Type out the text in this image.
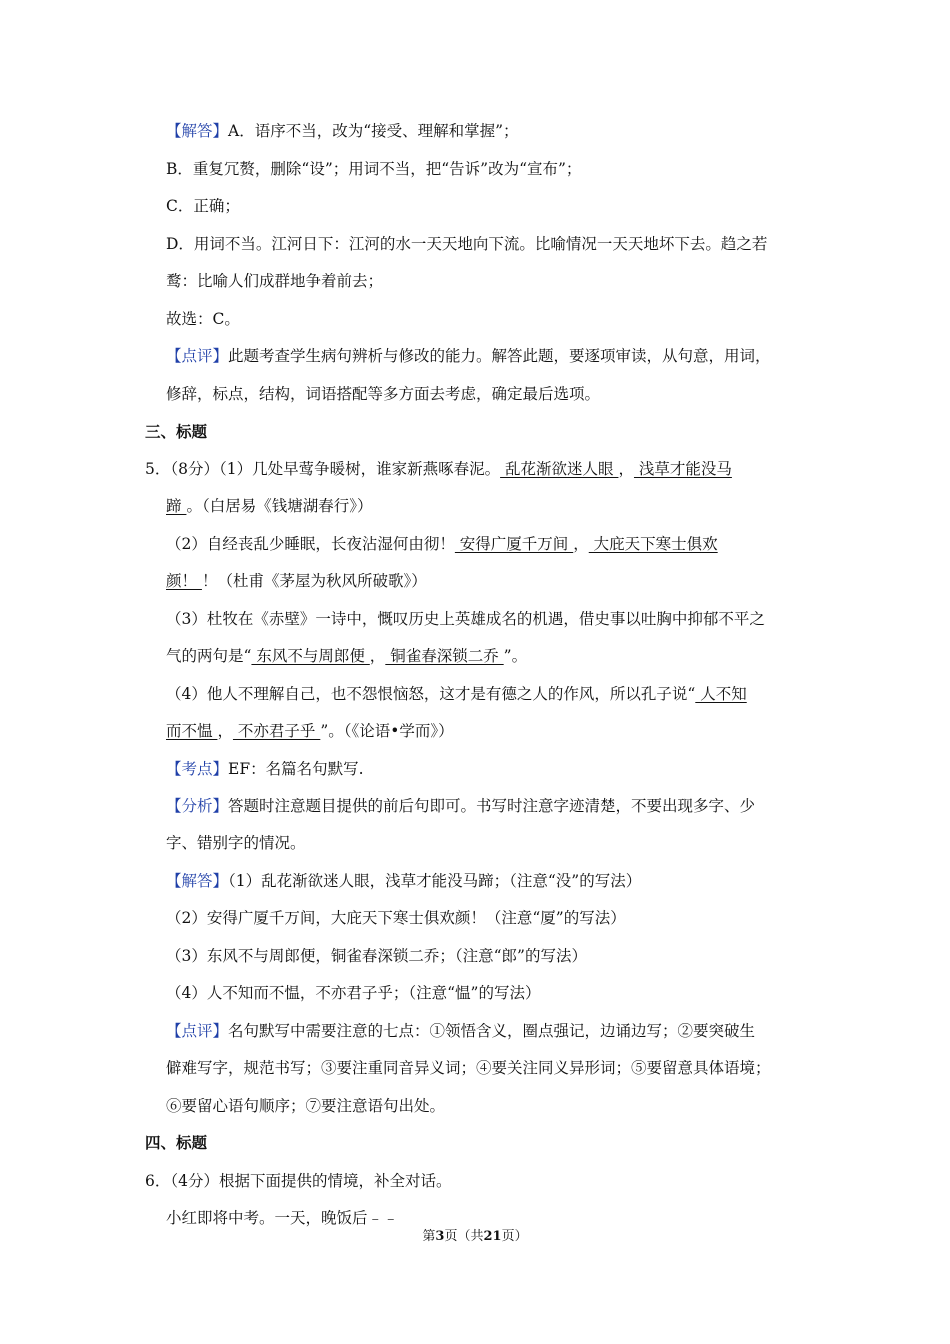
【解答】A．语序不当，改为“接受、理解和掌握”；
B．重复冗赘，删除“设”；用词不当，把“告诉”改为“宣布”；
C．正确；
D．用词不当。江河日下：江河的水一天天地向下流。比喻情况一天天地坏下去。趋之若
鹜：比喻人们成群地争着前去；
故选：C。
【点评】此题考查学生病句辨析与修改的能力。解答此题，要逐项审读，从句意，用词，
修辞，标点，结构，词语搭配等多方面去考虑，确定最后选项。
三、标题
5．（8分）（1）几处早莺争暖树，谁家新燕啄春泥。 乱花渐欲迷人眼 ， 浅草才能没马
蹄 。（白居易《钱塘湖春行》）
（2）自经丧乱少睡眠，长夜沾湿何由彻！ 安得广厦千万间 ， 大庇天下寒士俱欢
颜！ ！（杜甫《茅屋为秋风所破歌》）
（3）杜牧在《赤壁》一诗中，慨叹历史上英雄成名的机遇，借史事以吐胸中抑郁不平之
气的两句是“ 东风不与周郎便 ， 铜雀春深锁二乔 ”。
（4）他人不理解自己，也不怨恨恼怒，这才是有德之人的作风，所以孔子说“ 人不知
而不愠 ， 不亦君子乎 ”。（《论语•学而》）
【考点】EF：名篇名句默写.
【分析】答题时注意题目提供的前后句即可。书写时注意字迹清楚，不要出现多字、少
字、错别字的情况。
【解答】（1）乱花渐欲迷人眼，浅草才能没马蹄；（注意“没”的写法）
（2）安得广厦千万间，大庇天下寒士俱欢颜！（注意“厦”的写法）
（3）东风不与周郎便，铜雀春深锁二乔；（注意“郎”的写法）
（4）人不知而不愠，不亦君子乎；（注意“愠”的写法）
【点评】名句默写中需要注意的七点：①领悟含义，圈点强记，边诵边写；②要突破生
僻难写字，规范书写；③要注重同音异义词；④要关注同义异形词；⑤要留意具体语境；
⑥要留心语句顺序；⑦要注意语句出处。
四、标题
6．（4分）根据下面提供的情境，补全对话。
小红即将中考。一天，晚饭后﹣﹣
第3页（共21页）
